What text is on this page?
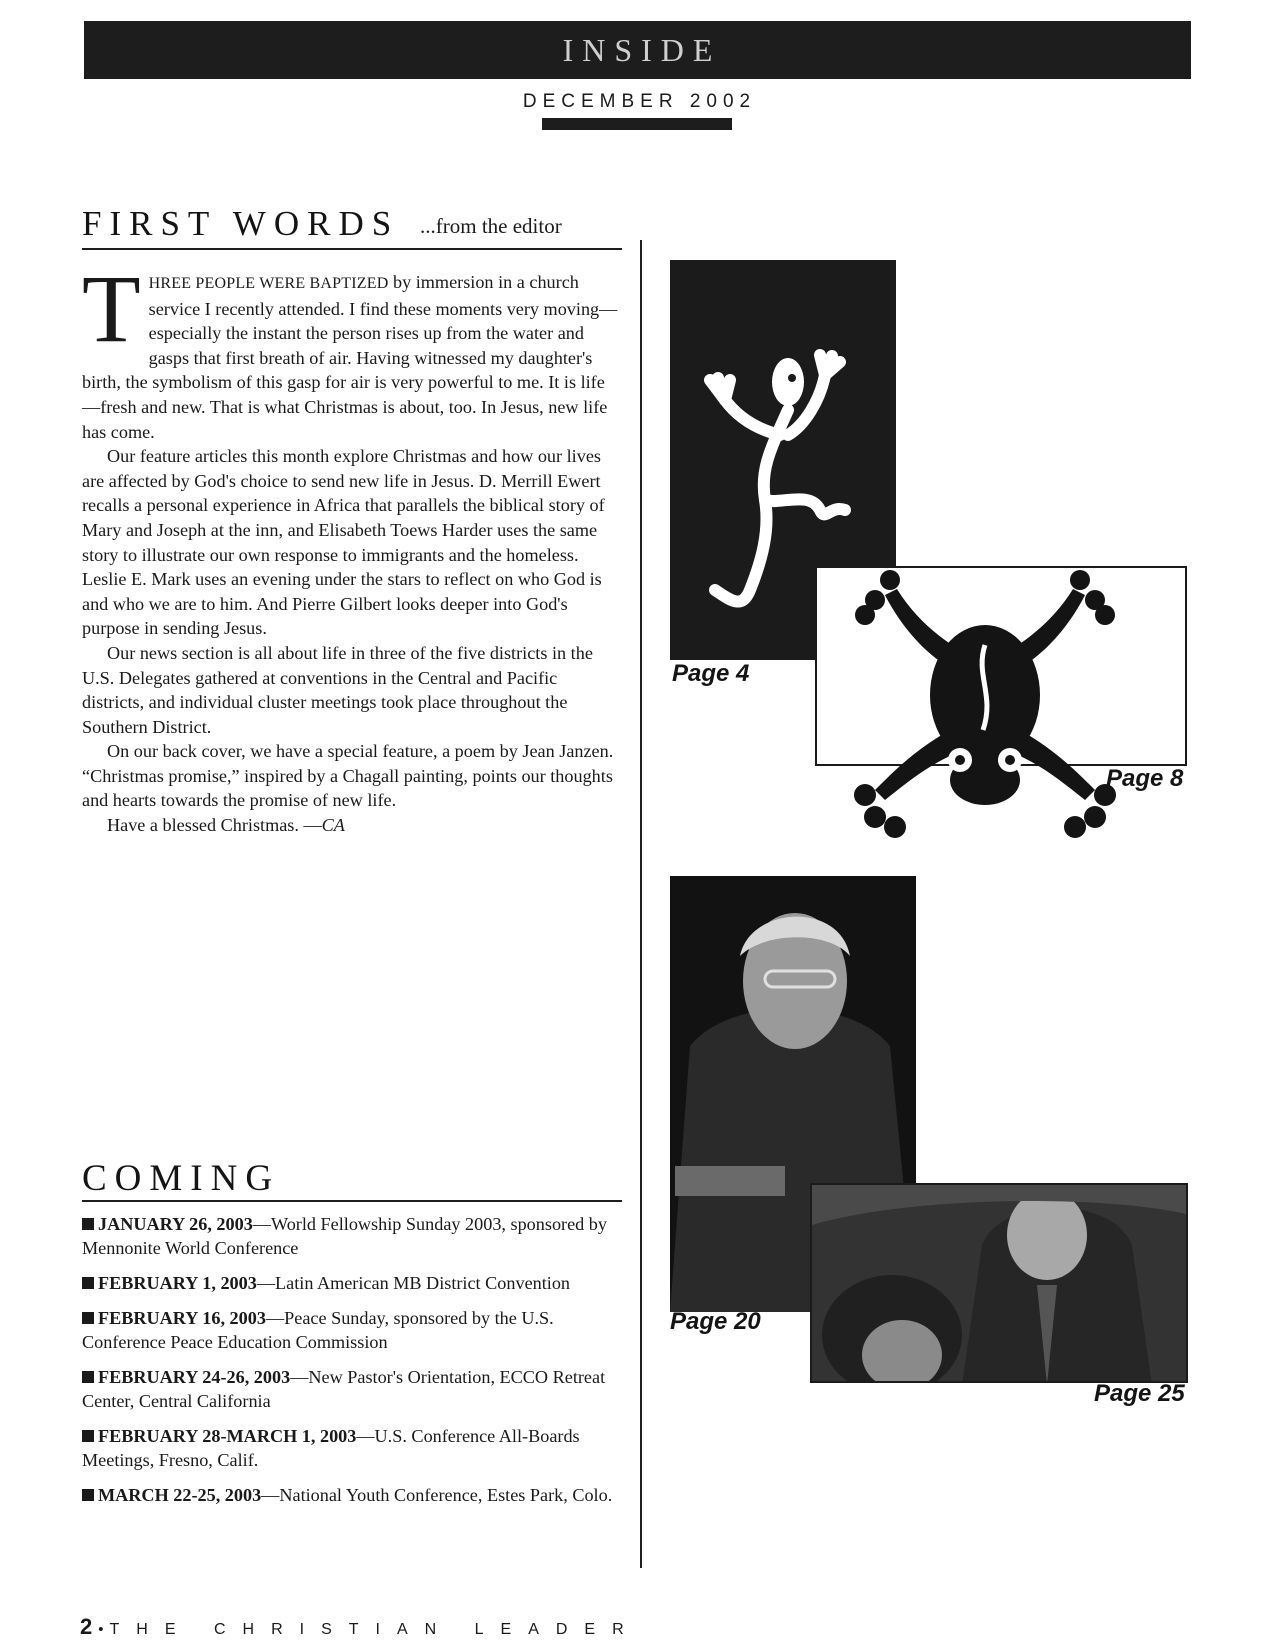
INSIDE
DECEMBER 2002
FIRST WORDS ...from the editor

THREE PEOPLE WERE BAPTIZED by immersion in a church service I recently attended. I find these moments very moving—especially the instant the person rises up from the water and gasps that first breath of air. Having witnessed my daughter's birth, the symbolism of this gasp for air is very powerful to me. It is life—fresh and new. That is what Christmas is about, too. In Jesus, new life has come.

Our feature articles this month explore Christmas and how our lives are affected by God's choice to send new life in Jesus. D. Merrill Ewert recalls a personal experience in Africa that parallels the biblical story of Mary and Joseph at the inn, and Elisabeth Toews Harder uses the same story to illustrate our own response to immigrants and the homeless. Leslie E. Mark uses an evening under the stars to reflect on who God is and who we are to him. And Pierre Gilbert looks deeper into God's purpose in sending Jesus.

Our news section is all about life in three of the five districts in the U.S. Delegates gathered at conventions in the Central and Pacific districts, and individual cluster meetings took place throughout the Southern District.

On our back cover, we have a special feature, a poem by Jean Janzen. “Christmas promise,” inspired by a Chagall painting, points our thoughts and hearts towards the promise of new life.

Have a blessed Christmas. —CA

COMING
JANUARY 26, 2003—World Fellowship Sunday 2003, sponsored by Mennonite World Conference
FEBRUARY 1, 2003—Latin American MB District Convention
FEBRUARY 16, 2003—Peace Sunday, sponsored by the U.S. Conference Peace Education Commission
FEBRUARY 24-26, 2003—New Pastor's Orientation, ECCO Retreat Center, Central California
FEBRUARY 28-MARCH 1, 2003—U.S. Conference All-Boards Meetings, Fresno, Calif.
MARCH 22-25, 2003—National Youth Conference, Estes Park, Colo.
Page 4
Page 8
Page 20
Page 25
2 • THE CHRISTIAN LEADER
